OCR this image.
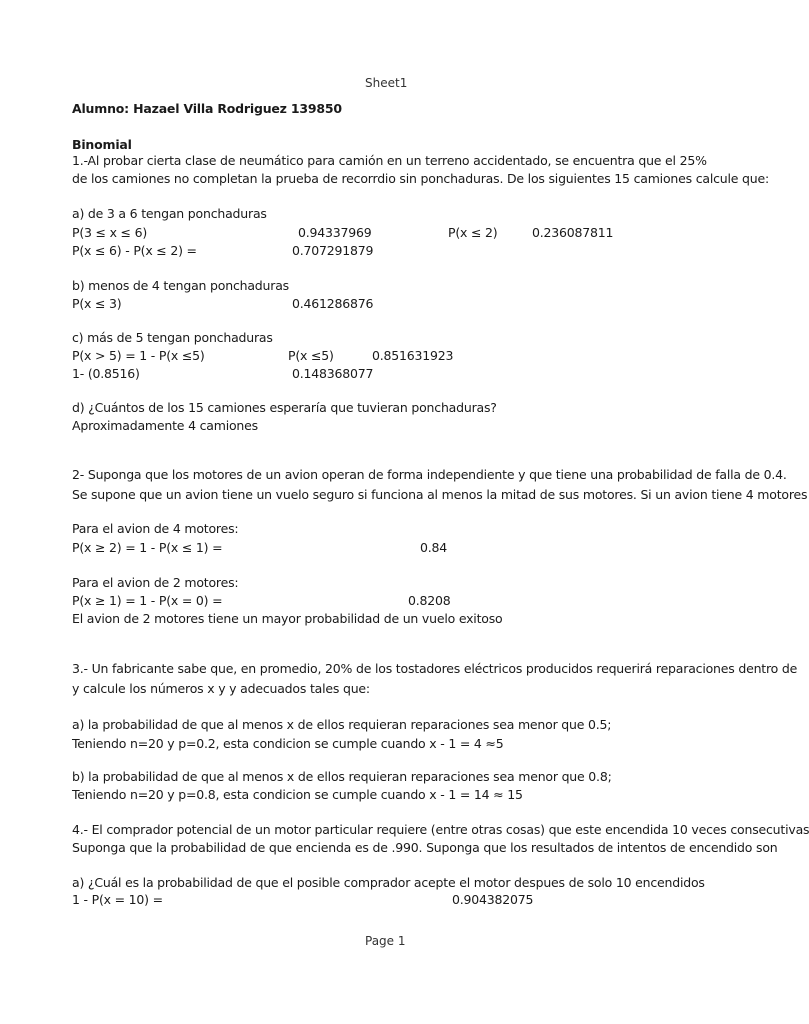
Sheet1
Alumno: Hazael Villa Rodriguez 139850
Binomial
1.-Al probar cierta clase de neumático para camión en un terreno accidentado, se encuentra que el 25%
de los camiones no completan la prueba de recorrdio sin ponchaduras. De los siguientes 15 camiones calcule que:
a) de 3 a 6 tengan ponchaduras
P(3 ≤ x ≤ 6)	0.94337969	P(x ≤ 2)	0.236087811
P(x ≤ 6) - P(x ≤ 2) =	0.707291879
b) menos de 4 tengan ponchaduras
P(x ≤ 3)	0.461286876
c) más de 5 tengan ponchaduras
P(x > 5) = 1 - P(x ≤5)	P(x ≤5)	0.851631923
1- (0.8516)	0.148368077
d) ¿Cuántos de los 15 camiones esperaría que tuvieran ponchaduras?
Aproximadamente 4 camiones
2- Suponga que los motores de un avion operan de forma independiente y que tiene una probabilidad de falla de 0.4.
Se supone que un avion tiene un vuelo seguro si funciona al menos la mitad de sus motores. Si un avion tiene 4 motores
Para el avion de 4 motores:
P(x ≥ 2) = 1 - P(x ≤ 1) =	0.84
Para el avion de 2 motores:
P(x ≥ 1) = 1 - P(x = 0) =	0.8208
El avion de 2 motores tiene un mayor probabilidad de un vuelo exitoso
3.- Un fabricante sabe que, en promedio, 20% de los tostadores eléctricos producidos requerirá reparaciones dentro de
y calcule los números x y y adecuados tales que:
a) la probabilidad de que al menos x de ellos requieran reparaciones sea menor que 0.5;
Teniendo n=20 y p=0.2, esta condicion se cumple cuando x - 1 = 4 ≈5
b) la probabilidad de que al menos x de ellos requieran reparaciones sea menor que 0.8;
Teniendo n=20 y p=0.8, esta condicion se cumple cuando x - 1 = 14 ≈ 15
4.- El comprador potencial de un motor particular requiere (entre otras cosas) que este encendida 10 veces consecutivas
Suponga que la probabilidad de que encienda es de .990. Suponga que los resultados de intentos de encendido son
a) ¿Cuál es la probabilidad de que el posible comprador acepte el motor despues de solo 10 encendidos
1 - P(x = 10) =	0.904382075
Page 1
